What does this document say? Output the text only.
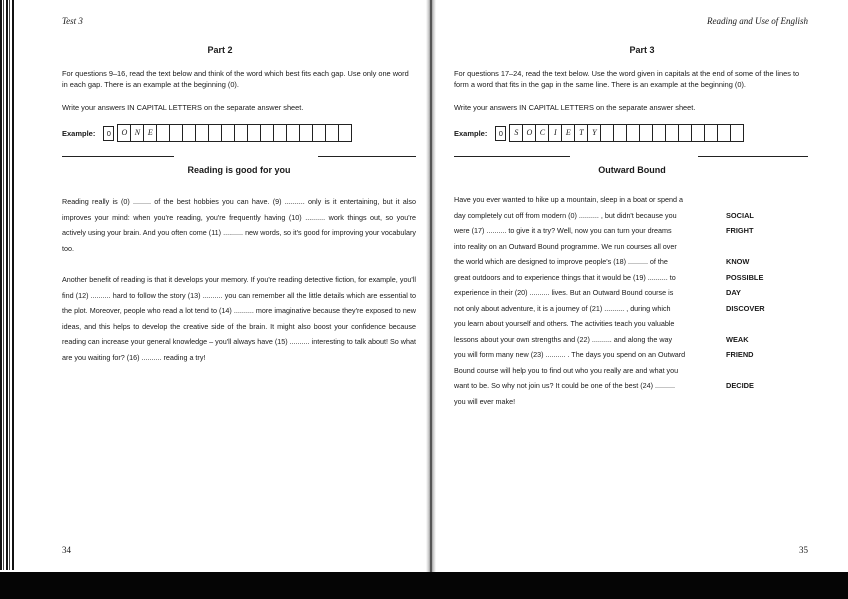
Test 3
Part 2

For questions 9–16, read the text below and think of the word which best fits each gap. Use only one word in each gap. There is an example at the beginning (0).

Write your answers IN CAPITAL LETTERS on the separate answer sheet.

Example:	0	O N E
Reading is good for you

Reading really is (0) ......... of the best hobbies you can have. (9) .......... only is it entertaining, but it also improves your mind: when you're reading, you're frequently having (10) .......... work things out, so you're actively using your brain. And you often come (11) .......... new words, so it's good for improving your vocabulary too.

Another benefit of reading is that it develops your memory. If you're reading detective fiction, for example, you'll find (12) .......... hard to follow the story (13) .......... you can remember all the little details which are essential to the plot. Moreover, people who read a lot tend to (14) .......... more imaginative because they're exposed to new ideas, and this helps to develop the creative side of the brain. It might also boost your confidence because reading can increase your general knowledge – you'll always have (15) .......... interesting to talk about! So what are you waiting for? (16) .......... reading a try!

34
Reading and Use of English
Part 3

For questions 17–24, read the text below. Use the word given in capitals at the end of some of the lines to form a word that fits in the gap in the same line. There is an example at the beginning (0).

Write your answers IN CAPITAL LETTERS on the separate answer sheet.

Example:	0	S	O C	I	E	T	Y
Outward Bound
Have you ever wanted to hike up a mountain, sleep in a boat or spend a	
day completely cut off from modern (0) .......... , but didn't because you	SOCIAL
were (17) .......... to give it a try? Well, now you can turn your dreams	FRIGHT
into reality on an Outward Bound programme. We run courses all over	
the world which are designed to improve people's (18) .......... of the	KNOW
great outdoors and to experience things that it would be (19) .......... to	POSSIBLE
experience in their (20) .......... lives. But an Outward Bound course is	DAY
not only about adventure, it is a journey of (21) .......... , during which	DISCOVER
you learn about yourself and others. The activities teach you valuable	
lessons about your own strengths and (22) .......... and along the way	WEAK
you will form many new (23) .......... . The days you spend on an Outward	FRIEND
Bound course will help you to find out who you really are and what you	
want to be. So why not join us? It could be one of the best (24) ..........	DECIDE
you will ever make!	
35
